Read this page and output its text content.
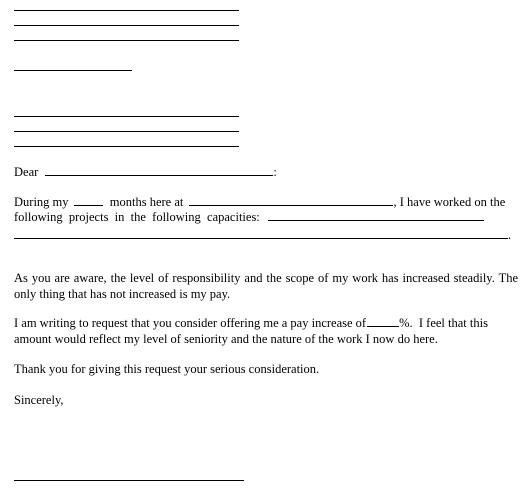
Dear	:
During my	months here at	, I have worked on the
following  projects  in  the  following  capacities:
.
As you are aware, the level of responsibility and the scope of my work has increased steadily. The only thing that has not increased is my pay.
I am writing to request that you consider offering me a pay increase of	%.  I feel that this
amount would reflect my level of seniority and the nature of the work I now do here.
Thank you for giving this request your serious consideration.
Sincerely,
